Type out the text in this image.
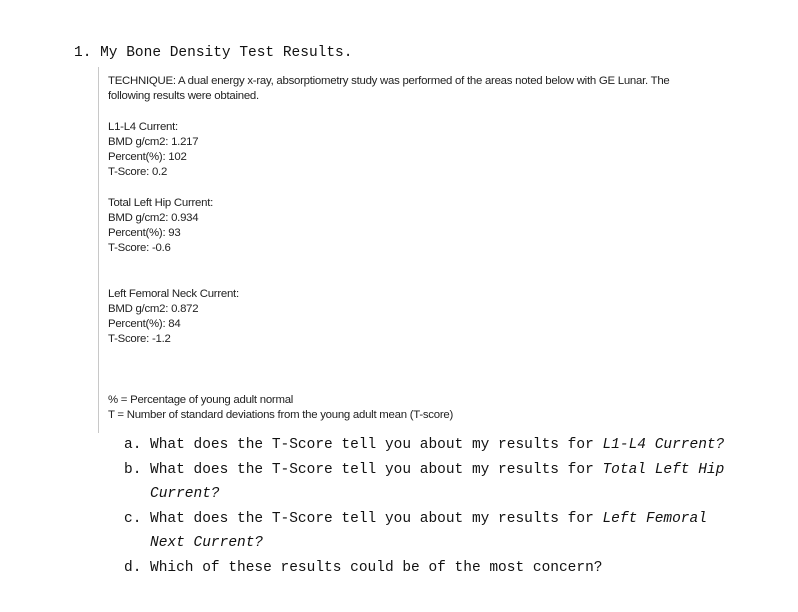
1. My Bone Density Test Results.
TECHNIQUE: A dual energy x-ray, absorptiometry study was performed of the areas noted below with GE Lunar. The
following results were obtained.
L1-L4 Current:
BMD g/cm2: 1.217
Percent(%): 102
T-Score: 0.2
Total Left Hip Current:
BMD g/cm2: 0.934
Percent(%): 93
T-Score: -0.6
Left Femoral Neck Current:
BMD g/cm2: 0.872
Percent(%): 84
T-Score: -1.2
% = Percentage of young adult normal
T = Number of standard deviations from the young adult mean (T-score)
a. What does the T-Score tell you about my results for L1-L4 Current?
b. What does the T-Score tell you about my results for Total Left Hip
Current?
c. What does the T-Score tell you about my results for Left Femoral
Next Current?
d. Which of these results could be of the most concern?
